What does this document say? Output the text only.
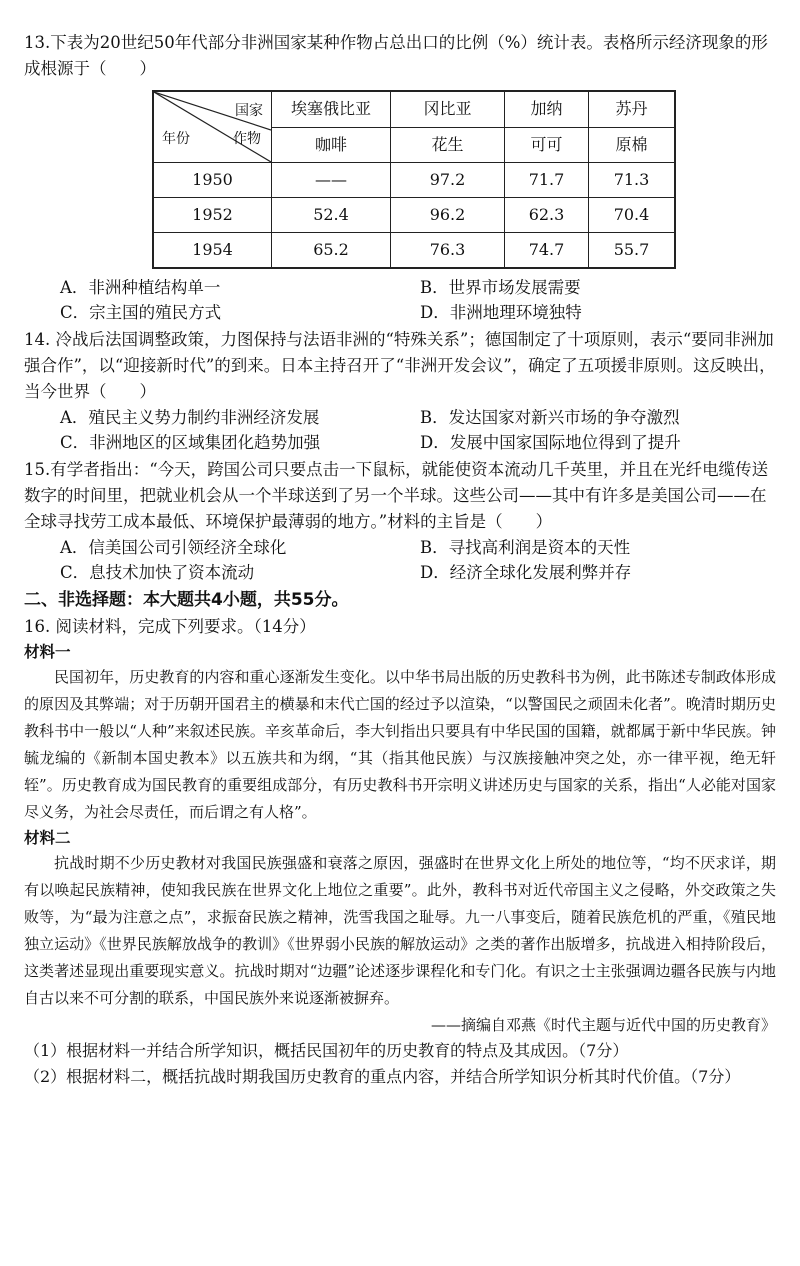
13.下表为20世纪50年代部分非洲国家某种作物占总出口的比例（%）统计表。表格所示经济现象的形成根源于（　　）

国家
年份 作物	埃塞俄比亚	冈比亚	加纳	苏丹
	咖啡	花生	可可	原棉
1950	——	97.2	71.7	71.3
1952	52.4	96.2	62.3	70.4
1954	65.2	76.3	74.7	55.7
A．非洲种植结构单一	B．世界市场发展需要
C．宗主国的殖民方式	D．非洲地理环境独特

14. 冷战后法国调整政策，力图保持与法语非洲的“特殊关系”；德国制定了十项原则，表示“要同非洲加强合作”，以“迎接新时代”的到来。日本主持召开了“非洲开发会议”，确定了五项援非原则。这反映出，当今世界（　　）

A．殖民主义势力制约非洲经济发展	B．发达国家对新兴市场的争夺激烈
C．非洲地区的区域集团化趋势加强	D．发展中国家国际地位得到了提升

15.有学者指出：“今天，跨国公司只要点击一下鼠标，就能使资本流动几千英里，并且在光纤电缆传送数字的时间里，把就业机会从一个半球送到了另一个半球。这些公司——其中有许多是美国公司——在全球寻找劳工成本最低、环境保护最薄弱的地方。”材料的主旨是（　　）

A．信美国公司引领经济全球化	B．寻找高利润是资本的天性
C．息技术加快了资本流动	D．经济全球化发展利弊并存
二、非选择题：本大题共4小题，共55分。
16. 阅读材料，完成下列要求。（14分）
材料一

民国初年，历史教育的内容和重心逐渐发生变化。以中华书局出版的历史教科书为例，此书陈述专制政体形成的原因及其弊端；对于历朝开国君主的横暴和末代亡国的经过予以渲染，“以警国民之顽固未化者”。晚清时期历史教科书中一般以“人种”来叙述民族。辛亥革命后，李大钊指出只要具有中华民国的国籍，就都属于新中华民族。钟毓龙编的《新制本国史教本》以五族共和为纲，“其（指其他民族）与汉族接触冲突之处，亦一律平视，绝无轩轾”。历史教育成为国民教育的重要组成部分，有历史教科书开宗明义讲述历史与国家的关系，指出“人必能对国家尽义务，为社会尽责任，而后谓之有人格”。

材料二

抗战时期不少历史教材对我国民族强盛和衰落之原因，强盛时在世界文化上所处的地位等，“均不厌求详，期有以唤起民族精神，使知我民族在世界文化上地位之重要”。此外，教科书对近代帝国主义之侵略，外交政策之失败等，为“最为注意之点”，求振奋民族之精神，洗雪我国之耻辱。九一八事变后，随着民族危机的严重，《殖民地独立运动》《世界民族解放战争的教训》《世界弱小民族的解放运动》之类的著作出版增多，抗战进入相持阶段后，这类著述显现出重要现实意义。抗战时期对“边疆”论述逐步课程化和专门化。有识之士主张强调边疆各民族与内地自古以来不可分割的联系，中国民族外来说逐渐被摒弃。

——摘编自邓燕《时代主题与近代中国的历史教育》

（1）根据材料一并结合所学知识，概括民国初年的历史教育的特点及其成因。（7分）

（2）根据材料二，概括抗战时期我国历史教育的重点内容，并结合所学知识分析其时代价值。（7分）
